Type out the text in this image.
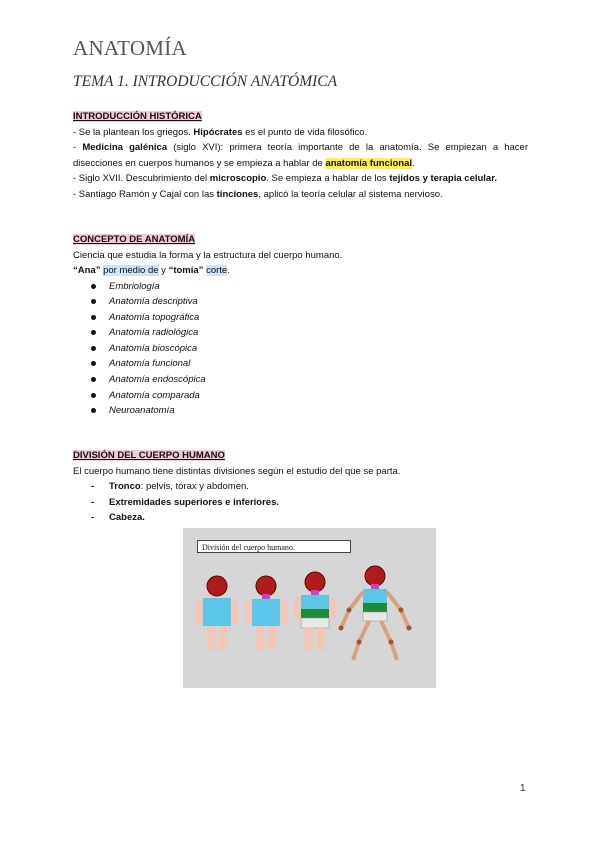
ANATOMÍA
TEMA 1. INTRODUCCIÓN ANATÓMICA
INTRODUCCIÓN HISTÓRICA
- Se la plantean los griegos. Hipócrates es el punto de vida filosófico.
- Medicina galénica (siglo XVI): primera teoría importante de la anatomía. Se empiezan a hacer disecciones en cuerpos humanos y se empieza a hablar de anatomía funcional.
- Siglo XVII. Descubrimiento del microscopio. Se empieza a hablar de los tejidos y terapia celular.
- Santiago Ramón y Cajal con las tinciones, aplicó la teoría celular al sistema nervioso.
CONCEPTO DE ANATOMÍA
Ciencia que estudia la forma y la estructura del cuerpo humano.
“Ana” por medio de y “tomía” corte.
Embriología
Anatomía descriptiva
Anatomía topográfica
Anatomía radiológica
Anatomía bioscópica
Anatomía funcional
Anatomía endoscópica
Anatomía comparada
Neuroanatomía
DIVISIÓN DEL CUERPO HUMANO
El cuerpo humano tiene distintas divisiones según el estudio del que se parta.
- Tronco: pelvis, tórax y abdomen.
- Extremidades superiores e inferiores.
- Cabeza.
División del cuerpo humano.
1
